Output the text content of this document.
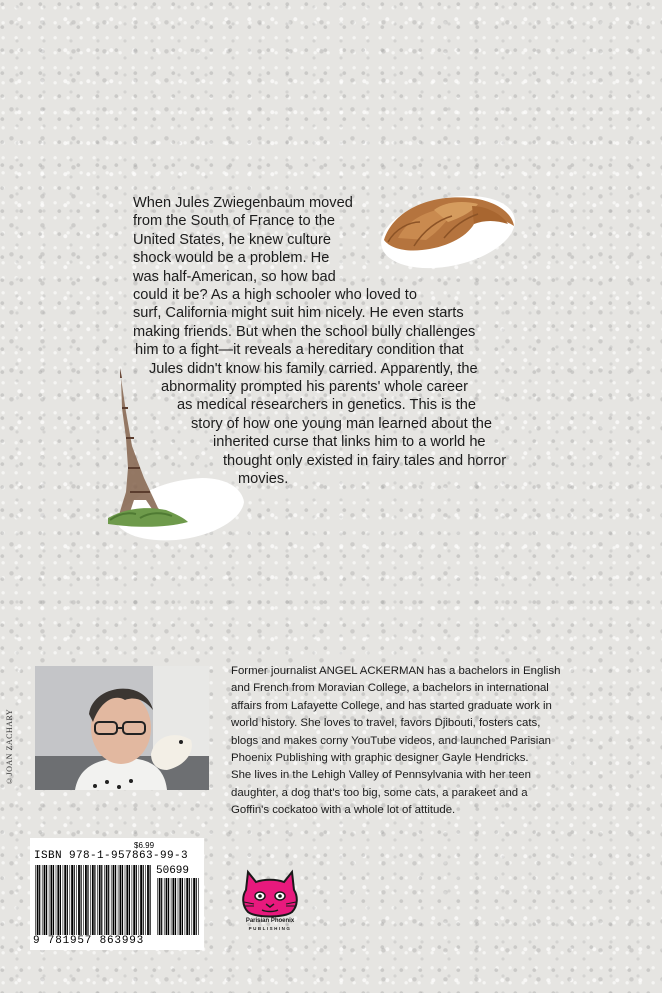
When Jules Zwiegenbaum moved
from the South of France to the
United States, he knew culture
shock would be a problem. He
was half-American, so how bad
could it be? As a high schooler who loved to
surf, California might suit him nicely. He even starts
making friends. But when the school bully challenges
him to a fight—it reveals a hereditary condition that
Jules didn't know his family carried. Apparently, the
abnormality prompted his parents' whole career
as medical researchers in genetics. This is the
story of how one young man learned about the
inherited curse that links him to a world he
thought only existed in fairy tales and horror
movies.
©JOAN ZACHARY
Former journalist ANGEL ACKERMAN has a bachelors in English
and French from Moravian College, a bachelors in international
affairs from Lafayette College, and has started graduate work in
world history. She loves to travel, favors Djibouti, fosters cats,
blogs and makes corny YouTube videos, and launched Parisian
Phoenix Publishing with graphic designer Gayle Hendricks.
She lives in the Lehigh Valley of Pennsylvania with her teen
daughter, a dog that's too big, some cats, a parakeet and a
Goffin's cockatoo with a whole lot of attitude.
$6.99
ISBN 978-1-957863-99-3
50699
9 781957 863993
Parisian Phoenix
PUBLISHING
